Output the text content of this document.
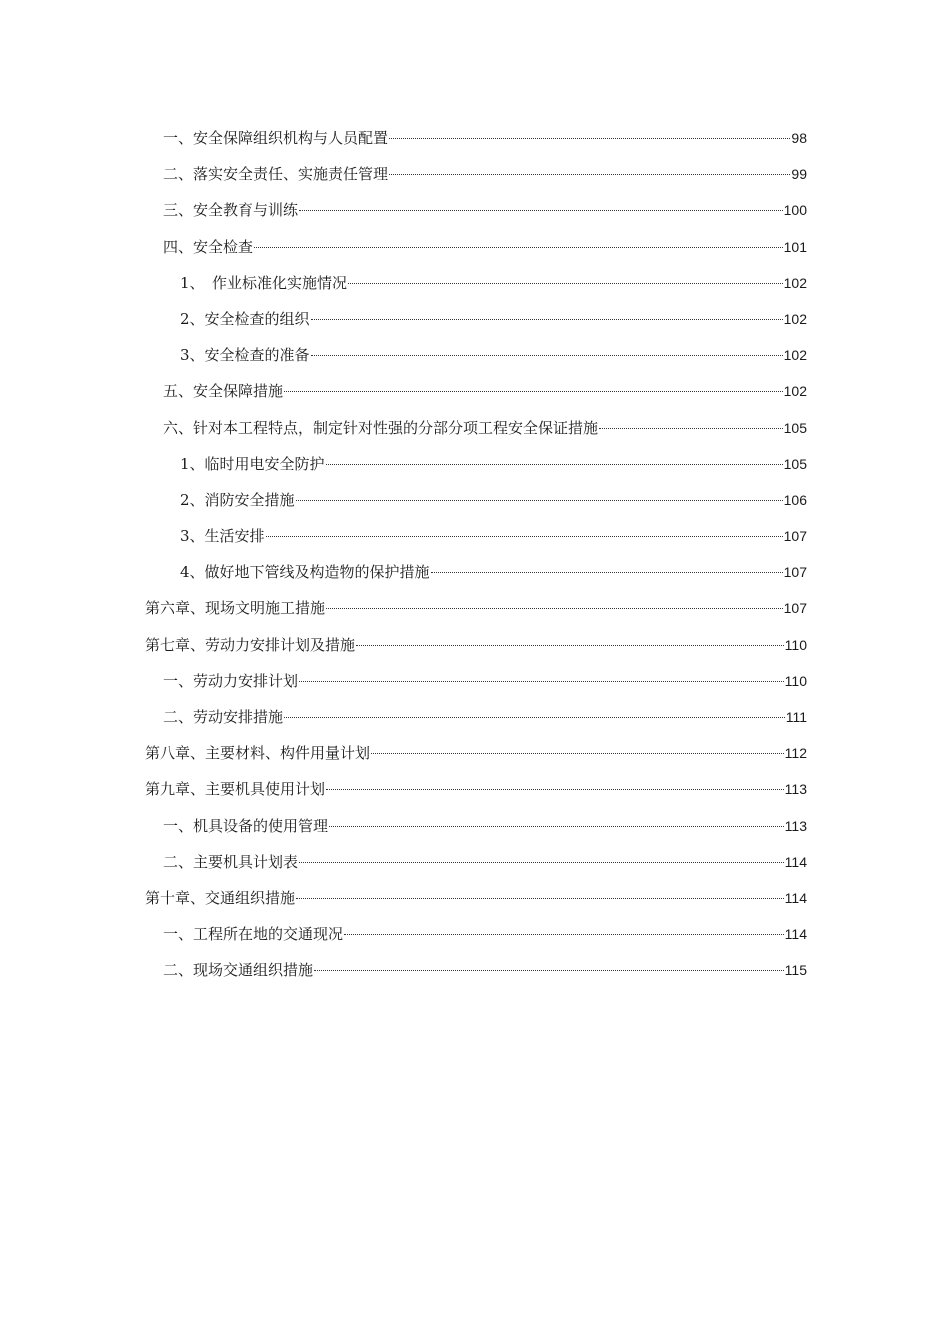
一、安全保障组织机构与人员配置	98
二、落实安全责任、实施责任管理	99
三、安全教育与训练	100
四、安全检查	101
1、　作业标准化实施情况	102
2、安全检查的组织	102
3、安全检查的准备	102
五、安全保障措施	102
六、针对本工程特点，制定针对性强的分部分项工程安全保证措施	105
1、临时用电安全防护	105
2、消防安全措施	106
3、生活安排	107
4、做好地下管线及构造物的保护措施	107
第六章、现场文明施工措施	107
第七章、劳动力安排计划及措施	110
一、劳动力安排计划	110
二、劳动安排措施	111
第八章、主要材料、构件用量计划	112
第九章、主要机具使用计划	113
一、机具设备的使用管理	113
二、主要机具计划表	114
第十章、交通组织措施	114
一、工程所在地的交通现况	114
二、现场交通组织措施	115
